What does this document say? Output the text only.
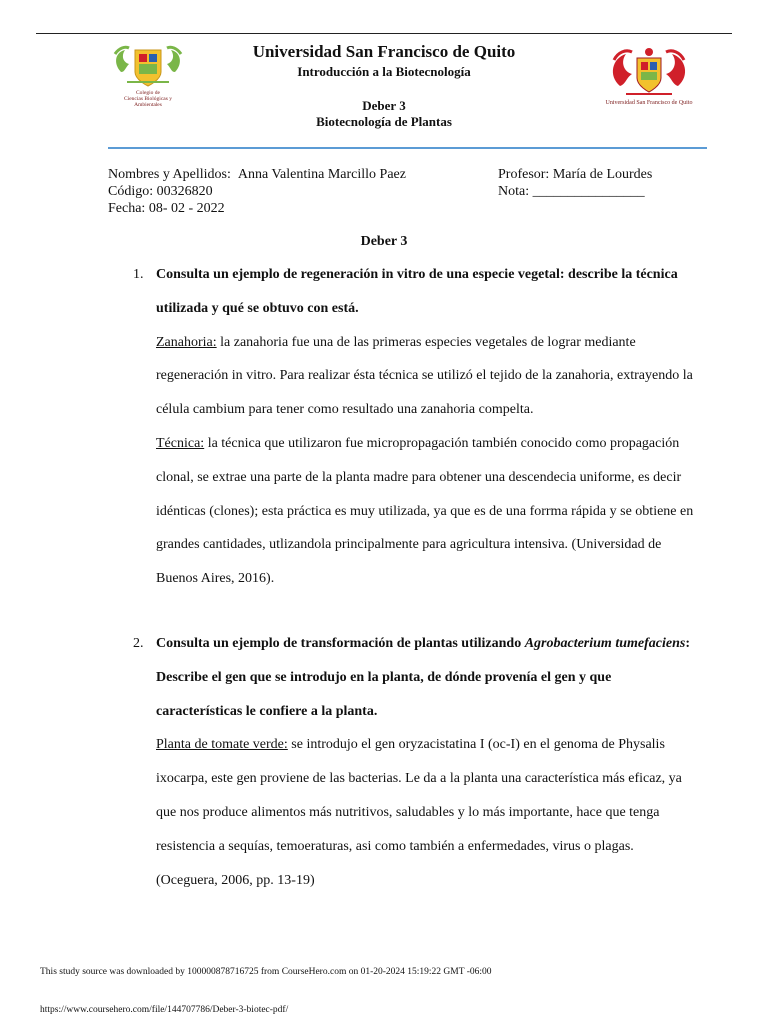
Colegio de
Ciencias Biológicas y
Ambientales	Universidad San Francisco de Quito
Universidad San Francisco de Quito
Introducción a la Biotecnología
Deber 3
Biotecnología de Plantas
Nombres y Apellidos: Anna Valentina Marcillo Paez	Profesor: María de Lourdes
Código: 00326820	Nota: ________________
Fecha: 08- 02 - 2022
Deber 3
1. Consulta un ejemplo de regeneración in vitro de una especie vegetal: describe la técnica utilizada y qué se obtuvo con está.
Zanahoria: la zanahoria fue una de las primeras especies vegetales de lograr mediante regeneración in vitro. Para realizar ésta técnica se utilizó el tejido de la zanahoria, extrayendo la célula cambium para tener como resultado una zanahoria compelta.
Técnica: la técnica que utilizaron fue micropropagación también conocido como propagación clonal, se extrae una parte de la planta madre para obtener una descendecia uniforme, es decir idénticas (clones); esta práctica es muy utilizada, ya que es de una forrma rápida y se obtiene en grandes cantidades, utlizandola principalmente para agricultura intensiva. (Universidad de Buenos Aires, 2016).
2. Consulta un ejemplo de transformación de plantas utilizando Agrobacterium tumefaciens: Describe el gen que se introdujo en la planta, de dónde provenía el gen y que características le confiere a la planta.
Planta de tomate verde: se introdujo el gen oryzacistatina I (oc-I) en el genoma de Physalis ixocarpa, este gen proviene de las bacterias. Le da a la planta una característica más eficaz, ya que nos produce alimentos más nutritivos, saludables y lo más importante, hace que tenga resistencia a sequías, temoeraturas, asi como también a enfermedades, virus o plagas. (Oceguera, 2006, pp. 13-19)
This study source was downloaded by 100000878716725 from CourseHero.com on 01-20-2024 15:19:22 GMT -06:00
https://www.coursehero.com/file/144707786/Deber-3-biotec-pdf/
